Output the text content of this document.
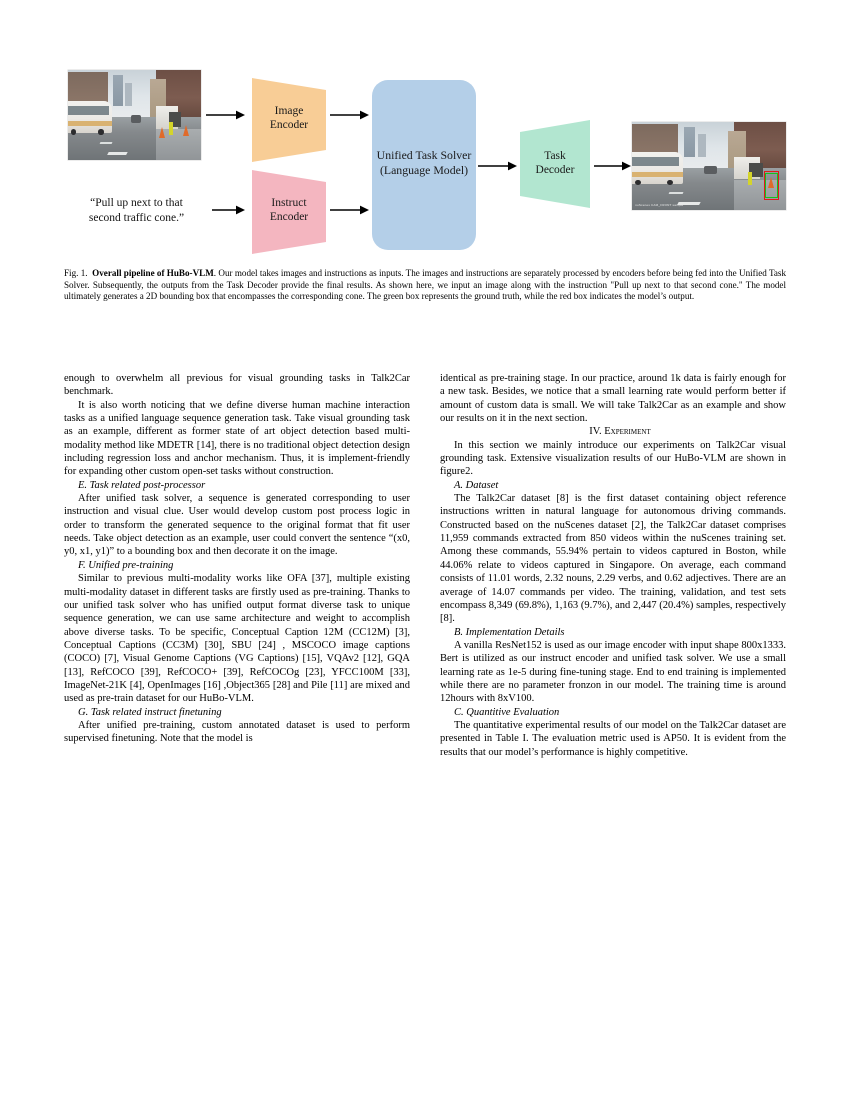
“Pull up next to that
second traffic cone.”
Image
Encoder
Instruct
Encoder
Unified Task Solver
(Language Model)
Task
Decoder
nuScenes CAM_FRONT sample
Fig. 1. Overall pipeline of HuBo-VLM. Our model takes images and instructions as inputs. The images and instructions are separately processed by encoders before being fed into the Unified Task Solver. Subsequently, the outputs from the Task Decoder provide the final results. As shown here, we input an image along with the instruction "Pull up next to that second cone." The model ultimately generates a 2D bounding box that encompasses the corresponding cone. The green box represents the ground truth, while the red box indicates the model’s output.

enough to overwhelm all previous for visual grounding tasks in Talk2Car benchmark.

It is also worth noticing that we define diverse human machine interaction tasks as a unified language sequence generation task. Take visual grounding task as an example, different as former state of art object detection based multi-modality method like MDETR [14], there is no traditional object detection design including regression loss and anchor mechanism. Thus, it is implement-friendly for expanding other custom open-set tasks without construction.

E. Task related post-processor

After unified task solver, a sequence is generated corresponding to user instruction and visual clue. User would develop custom post process logic in order to transform the generated sequence to the original format that fit user needs. Take object detection as an example, user could convert the sentence “(x0, y0, x1, y1)” to a bounding box and then decorate it on the image.

F. Unified pre-training

Similar to previous multi-modality works like OFA [37], multiple existing multi-modality dataset in different tasks are firstly used as pre-training. Thanks to our unified task solver who has unified output format diverse task to unique sequence generation, we can use same architecture and weight to accomplish above diverse tasks. To be specific, Conceptual Caption 12M (CC12M) [3], Conceptual Captions (CC3M) [30], SBU [24] , MSCOCO image captions (COCO) [7], Visual Genome Captions (VG Captions) [15], VQAv2 [12], GQA [13], RefCOCO [39], RefCOCO+ [39], RefCOCOg [23], YFCC100M [33], ImageNet-21K [4], OpenImages [16] ,Object365 [28] and Pile [11] are mixed and used as pre-train dataset for our HuBo-VLM.

G. Task related instruct finetuning

After unified pre-training, custom annotated dataset is used to perform supervised finetuning. Note that the model is

identical as pre-training stage. In our practice, around 1k data is fairly enough for a new task. Besides, we notice that a small learning rate would perform better if amount of custom data is small. We will take Talk2Car as an example and show our results on it in the next section.

IV. Experiment

In this section we mainly introduce our experiments on Talk2Car visual grounding task. Extensive visualization results of our HuBo-VLM are shown in figure2.

A. Dataset

The Talk2Car dataset [8] is the first dataset containing object reference instructions written in natural language for autonomous driving commands. Constructed based on the nuScenes dataset [2], the Talk2Car dataset comprises 11,959 commands extracted from 850 videos within the nuScenes training set. Among these commands, 55.94% pertain to videos captured in Boston, while 44.06% relate to videos captured in Singapore. On average, each command consists of 11.01 words, 2.32 nouns, 2.29 verbs, and 0.62 adjectives. There are an average of 14.07 commands per video. The training, validation, and test sets encompass 8,349 (69.8%), 1,163 (9.7%), and 2,447 (20.4%) samples, respectively [8].

B. Implementation Details

A vanilla ResNet152 is used as our image encoder with input shape 800x1333. Bert is utilized as our instruct encoder and unified task solver. We use a small learning rate as 1e-5 during fine-tuning stage. End to end training is implemented while there are no parameter fronzon in our model. The training time is around 12hours with 8xV100.

C. Quantitive Evaluation

The quantitative experimental results of our model on the Talk2Car dataset are presented in Table I. The evaluation metric used is AP50. It is evident from the results that our model’s performance is highly competitive.
